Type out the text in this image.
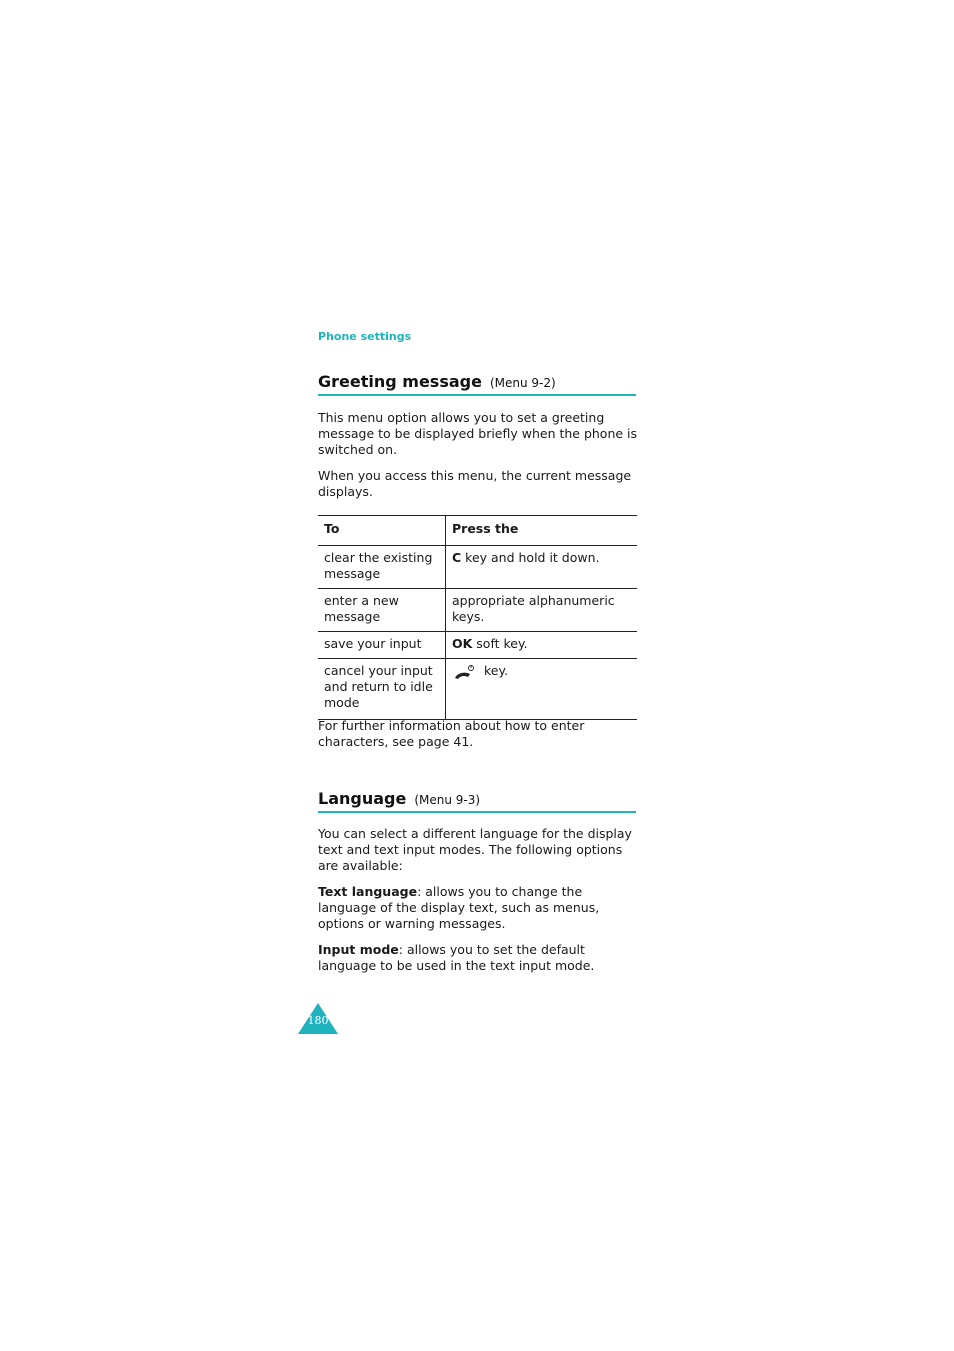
Phone settings
Greeting message (Menu 9-2)

This menu option allows you to set a greeting message to be displayed briefly when the phone is switched on.

When you access this menu, the current message displays.

To	Press the
clear the existing message	C key and hold it down.
enter a new message	appropriate alphanumeric keys.
save your input	OK soft key.
cancel your input and return to idle mode	key.

For further information about how to enter characters, see page 41.

Language (Menu 9-3)

You can select a different language for the display text and text input modes. The following options are available:

Text language: allows you to change the language of the display text, such as menus, options or warning messages.

Input mode: allows you to set the default language to be used in the text input mode.

180
